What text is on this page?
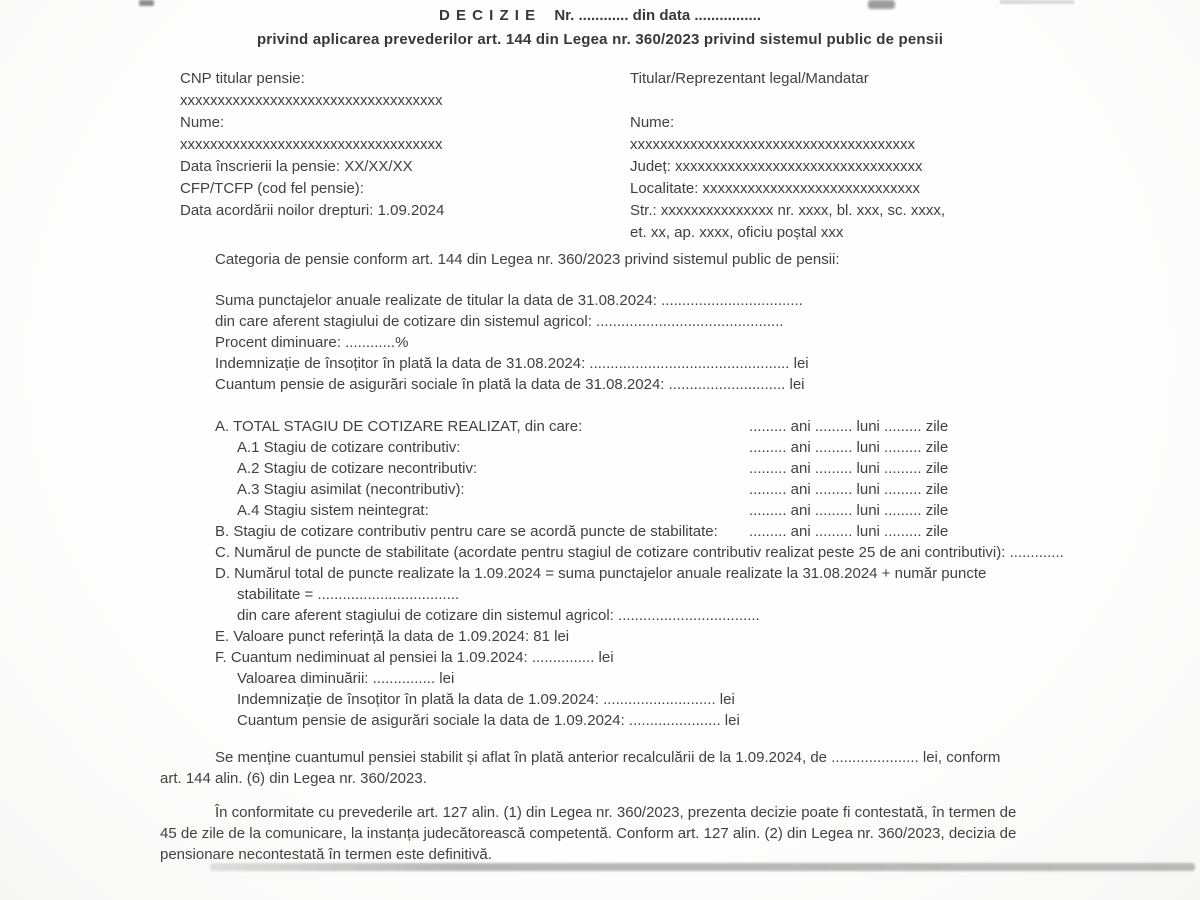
D E C I Z I E Nr. ............ din data ................
privind aplicarea prevederilor art. 144 din Legea nr. 360/2023 privind sistemul public de pensii
CNP titular pensie:
xxxxxxxxxxxxxxxxxxxxxxxxxxxxxxxxxxx
Nume:
xxxxxxxxxxxxxxxxxxxxxxxxxxxxxxxxxxx
Data înscrierii la pensie: XX/XX/XX
CFP/TCFP (cod fel pensie):
Data acordării noilor drepturi: 1.09.2024
Titular/Reprezentant legal/Mandatar
Nume:
xxxxxxxxxxxxxxxxxxxxxxxxxxxxxxxxxxxxxx
Județ: xxxxxxxxxxxxxxxxxxxxxxxxxxxxxxxxx
Localitate: xxxxxxxxxxxxxxxxxxxxxxxxxxxxx
Str.: xxxxxxxxxxxxxxx nr. xxxx, bl. xxx, sc. xxxx,
et. xx, ap. xxxx, oficiu poștal xxx
Categoria de pensie conform art. 144 din Legea nr. 360/2023 privind sistemul public de pensii:
Suma punctajelor anuale realizate de titular la data de 31.08.2024: ..................................
din care aferent stagiului de cotizare din sistemul agricol: .............................................
Procent diminuare: ............%
Indemnizație de însoțitor în plată la data de 31.08.2024: ................................................ lei
Cuantum pensie de asigurări sociale în plată la data de 31.08.2024: ............................ lei
A. TOTAL STAGIU DE COTIZARE REALIZAT, din care:	......... ani ......... luni ......... zile
A.1 Stagiu de cotizare contributiv:	......... ani ......... luni ......... zile
A.2 Stagiu de cotizare necontributiv:	......... ani ......... luni ......... zile
A.3 Stagiu asimilat (necontributiv):	......... ani ......... luni ......... zile
A.4 Stagiu sistem neintegrat:	......... ani ......... luni ......... zile
B. Stagiu de cotizare contributiv pentru care se acordă puncte de stabilitate:	......... ani ......... luni ......... zile
C. Numărul de puncte de stabilitate (acordate pentru stagiul de cotizare contributiv realizat peste 25 de ani contributivi): .............
D. Numărul total de puncte realizate la 1.09.2024 = suma punctajelor anuale realizate la 31.08.2024 + număr puncte
stabilitate = ..................................
din care aferent stagiului de cotizare din sistemul agricol: ..................................
E. Valoare punct referință la data de 1.09.2024: 81 lei
F. Cuantum nediminuat al pensiei la 1.09.2024: ............... lei
Valoarea diminuării: ............... lei
Indemnizație de însoțitor în plată la data de 1.09.2024: ........................... lei
Cuantum pensie de asigurări sociale la data de 1.09.2024: ...................... lei
Se menține cuantumul pensiei stabilit și aflat în plată anterior recalculării de la 1.09.2024, de ..................... lei, conform
art. 144 alin. (6) din Legea nr. 360/2023.
În conformitate cu prevederile art. 127 alin. (1) din Legea nr. 360/2023, prezenta decizie poate fi contestată, în termen de
45 de zile de la comunicare, la instanța judecătorească competentă. Conform art. 127 alin. (2) din Legea nr. 360/2023, decizia de
pensionare necontestată în termen este definitivă.
